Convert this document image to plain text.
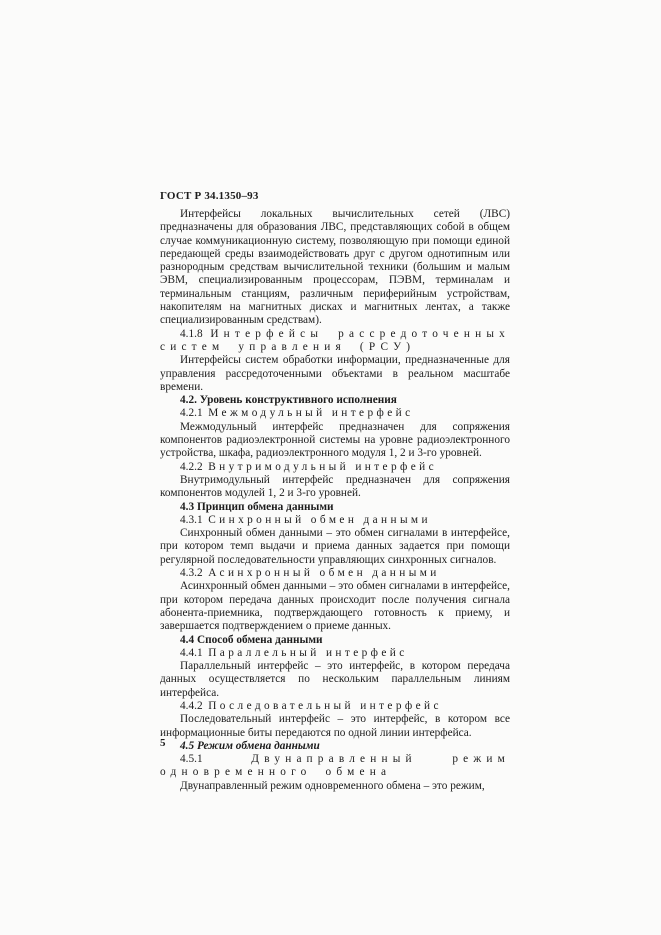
ГОСТ Р 34.1350–93

Интерфейсы локальных вычислительных сетей (ЛВС) предназначены для образования ЛВС, представляющих собой в общем случае коммуникационную систему, позволяющую при помощи единой передающей среды взаимодействовать друг с другом однотипным или разнородным средствам вычислительной техники (большим и малым ЭВМ, специализированным процессорам, ПЭВМ, терминалам и терминальным станциям, различным периферийным устройствам, накопителям на магнитных дисках и магнитных лентах, а также специализированным средствам).

4.1.8 Интерфейсы рассредоточенных систем управления (РСУ)

Интерфейсы систем обработки информации, предназначенные для управления рассредоточенными объектами в реальном масштабе времени.

4.2. Уровень конструктивного исполнения

4.2.1 Межмодульный интерфейс

Межмодульный интерфейс предназначен для сопряжения компонентов радиоэлектронной системы на уровне радиоэлектронного устройства, шкафа, радиоэлектронного модуля 1, 2 и 3-го уровней.

4.2.2 Внутримодульный интерфейс

Внутримодульный интерфейс предназначен для сопряжения компонентов модулей 1, 2 и 3-го уровней.

4.3 Принцип обмена данными

4.3.1 Синхронный обмен данными

Синхронный обмен данными – это обмен сигналами в интерфейсе, при котором темп выдачи и приема данных задается при помощи регулярной последовательности управляющих синхронных сигналов.

4.3.2 Асинхронный обмен данными

Асинхронный обмен данными – это обмен сигналами в интерфейсе, при котором передача данных происходит после получения сигнала абонента-приемника, подтверждающего готовность к приему, и завершается подтверждением о приеме данных.

4.4 Способ обмена данными

4.4.1 Параллельный интерфейс

Параллельный интерфейс – это интерфейс, в котором передача данных осуществляется по нескольким параллельным линиям интерфейса.

4.4.2 Последовательный интерфейс

Последовательный интерфейс – это интерфейс, в котором все информационные биты передаются по одной линии интерфейса.

4.5 Режим обмена данными

4.5.1	Двунаправленный режим одновременного обмена

Двунаправленный режим одновременного обмена – это режим,

5
